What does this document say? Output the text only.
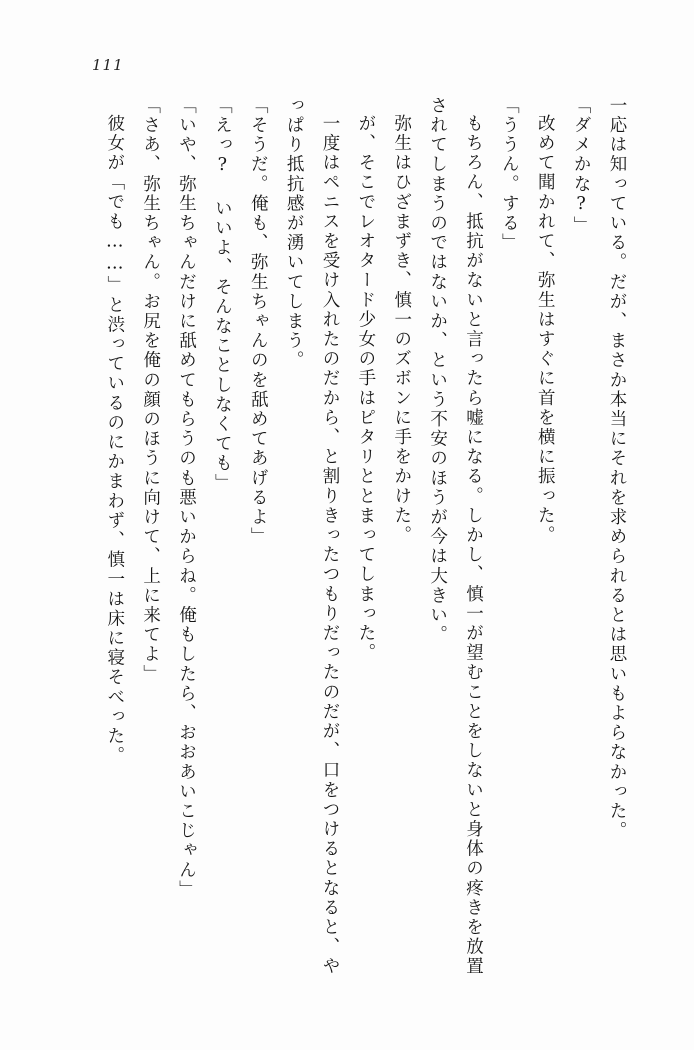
111

一応は知っている。だが、まさか本当にそれを求められるとは思いもよらなかった。

「ダメかな?」

改めて聞かれて、弥生はすぐに首を横に振った。

「ううん。する」

もちろん、抵抗がないと言ったら嘘になる。しかし、慎一が望むことをしないと身体の疼きを放置されてしまうのではないか、という不安のほうが今は大きい。

弥生はひざまずき、慎一のズボンに手をかけた。

が、そこでレオタード少女の手はピタリととまってしまった。

一度はペニスを受け入れたのだから、と割りきったつもりだったのだが、口をつけるとなると、やっぱり抵抗感が湧いてしまう。

「そうだ。俺も、弥生ちゃんのを舐めてあげるよ」

「えっ? いいよ、そんなことしなくても」

「いや、弥生ちゃんだけに舐めてもらうのも悪いからね。俺もしたら、おおあいこじゃん」

「さあ、弥生ちゃん。お尻を俺の顔のほうに向けて、上に来てよ」

彼女が「でも……」と渋っているのにかまわず、慎一は床に寝そべった。
